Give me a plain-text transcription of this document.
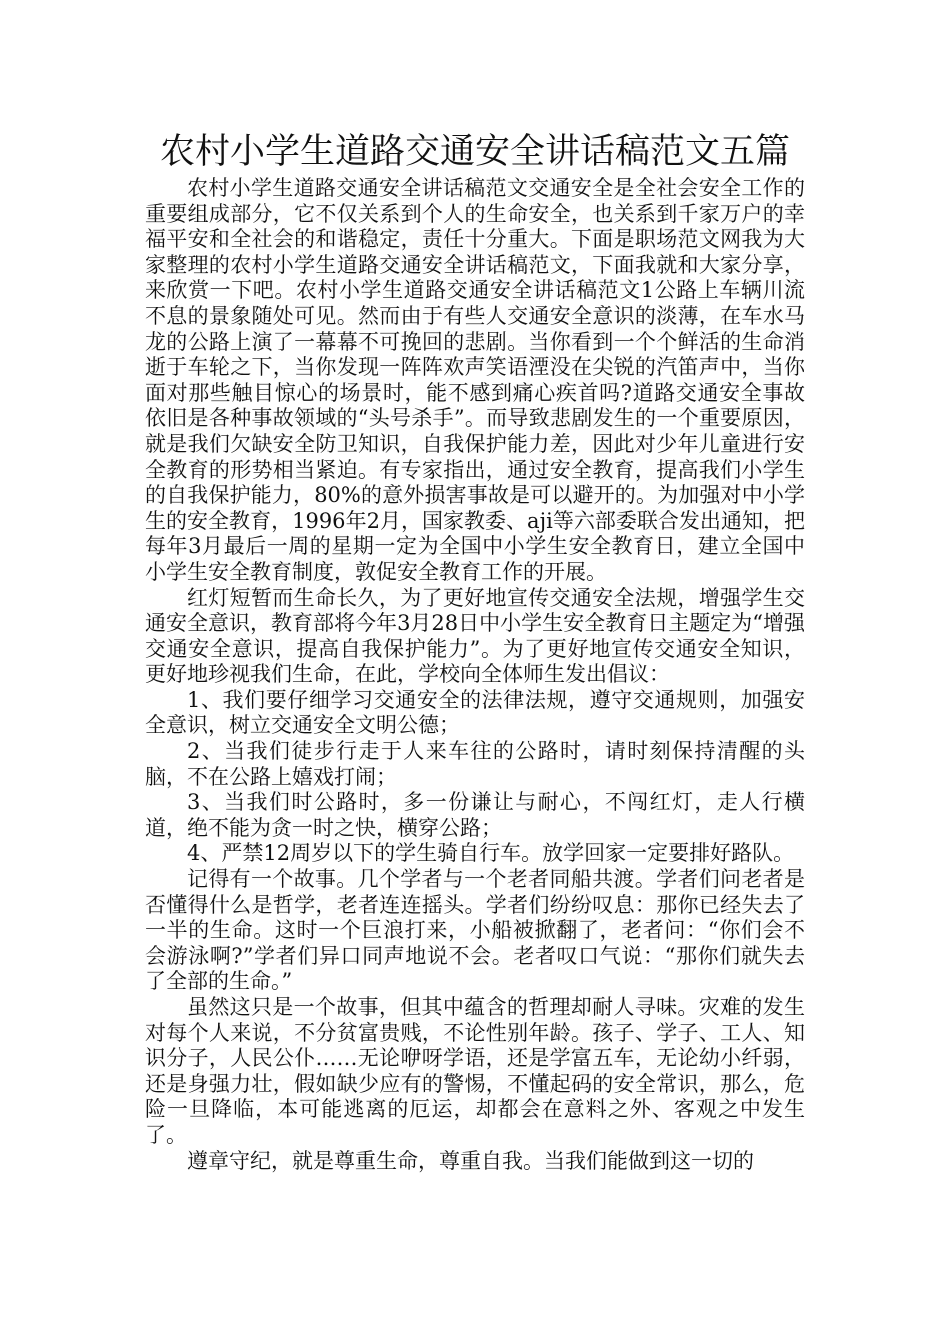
农村小学生道路交通安全讲话稿范文五篇

农村小学生道路交通安全讲话稿范文交通安全是全社会安全工作的重要组成部分，它不仅关系到个人的生命安全，也关系到千家万户的幸福平安和全社会的和谐稳定，责任十分重大。下面是职场范文网我为大家整理的农村小学生道路交通安全讲话稿范文，下面我就和大家分享，来欣赏一下吧。农村小学生道路交通安全讲话稿范文1公路上车辆川流不息的景象随处可见。然而由于有些人交通安全意识的淡薄，在车水马龙的公路上演了一幕幕不可挽回的悲剧。当你看到一个个鲜活的生命消逝于车轮之下，当你发现一阵阵欢声笑语湮没在尖锐的汽笛声中，当你面对那些触目惊心的场景时，能不感到痛心疾首吗?道路交通安全事故依旧是各种事故领域的“头号杀手”。而导致悲剧发生的一个重要原因，就是我们欠缺安全防卫知识，自我保护能力差，因此对少年儿童进行安全教育的形势相当紧迫。有专家指出，通过安全教育，提高我们小学生的自我保护能力，80%的意外损害事故是可以避开的。为加强对中小学生的安全教育，1996年2月，国家教委、aji等六部委联合发出通知，把每年3月最后一周的星期一定为全国中小学生安全教育日，建立全国中小学生安全教育制度，敦促安全教育工作的开展。

红灯短暂而生命长久，为了更好地宣传交通安全法规，增强学生交通安全意识，教育部将今年3月28日中小学生安全教育日主题定为“增强交通安全意识，提高自我保护能力”。为了更好地宣传交通安全知识，更好地珍视我们生命，在此，学校向全体师生发出倡议：

1、我们要仔细学习交通安全的法律法规，遵守交通规则，加强安全意识，树立交通安全文明公德；

2、当我们徒步行走于人来车往的公路时，请时刻保持清醒的头脑，不在公路上嬉戏打闹；

3、当我们时公路时，多一份谦让与耐心，不闯红灯，走人行横道，绝不能为贪一时之快，横穿公路；

4、严禁12周岁以下的学生骑自行车。放学回家一定要排好路队。

记得有一个故事。几个学者与一个老者同船共渡。学者们问老者是否懂得什么是哲学，老者连连摇头。学者们纷纷叹息：那你已经失去了一半的生命。这时一个巨浪打来，小船被掀翻了，老者问：“你们会不会游泳啊?”学者们异口同声地说不会。老者叹口气说：“那你们就失去了全部的生命。”

虽然这只是一个故事，但其中蕴含的哲理却耐人寻味。灾难的发生对每个人来说，不分贫富贵贱，不论性别年龄。孩子、学子、工人、知识分子，人民公仆……无论咿呀学语，还是学富五车，无论幼小纤弱，还是身强力壮，假如缺少应有的警惕，不懂起码的安全常识，那么，危险一旦降临，本可能逃离的厄运，却都会在意料之外、客观之中发生了。

遵章守纪，就是尊重生命，尊重自我。当我们能做到这一切的
